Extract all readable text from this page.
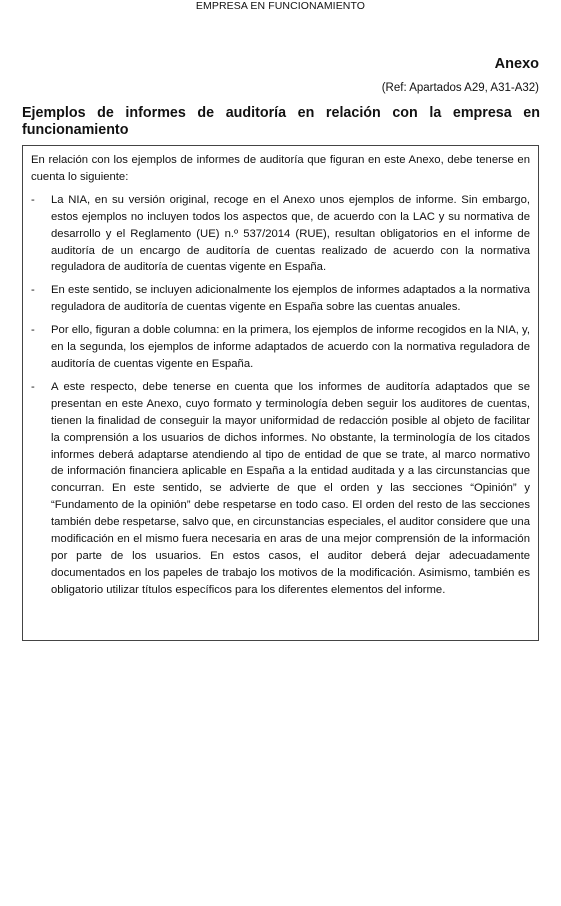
EMPRESA EN FUNCIONAMIENTO
Anexo
(Ref: Apartados A29, A31-A32)
Ejemplos de informes de auditoría en relación con la empresa en funcionamiento

En relación con los ejemplos de informes de auditoría que figuran en este Anexo, debe tenerse en cuenta lo siguiente:

-	La NIA, en su versión original, recoge en el Anexo unos ejemplos de informe. Sin embargo, estos ejemplos no incluyen todos los aspectos que, de acuerdo con la LAC y su normativa de desarrollo y el Reglamento (UE) n.º 537/2014 (RUE), resultan obligatorios en el informe de auditoría de un encargo de auditoría de cuentas realizado de acuerdo con la normativa reguladora de auditoría de cuentas vigente en España.
-	En este sentido, se incluyen adicionalmente los ejemplos de informes adaptados a la normativa reguladora de auditoría de cuentas vigente en España sobre las cuentas anuales.
-	Por ello, figuran a doble columna: en la primera, los ejemplos de informe recogidos en la NIA, y, en la segunda, los ejemplos de informe adaptados de acuerdo con la normativa reguladora de auditoría de cuentas vigente en España.
-	A este respecto, debe tenerse en cuenta que los informes de auditoría adaptados que se presentan en este Anexo, cuyo formato y terminología deben seguir los auditores de cuentas, tienen la finalidad de conseguir la mayor uniformidad de redacción posible al objeto de facilitar la comprensión a los usuarios de dichos informes. No obstante, la terminología de los citados informes deberá adaptarse atendiendo al tipo de entidad de que se trate, al marco normativo de información financiera aplicable en España a la entidad auditada y a las circunstancias que concurran. En este sentido, se advierte de que el orden y las secciones “Opinión” y “Fundamento de la opinión” debe respetarse en todo caso. El orden del resto de las secciones también debe respetarse, salvo que, en circunstancias especiales, el auditor considere que una modificación en el mismo fuera necesaria en aras de una mejor comprensión de la información por parte de los usuarios. En estos casos, el auditor deberá dejar adecuadamente documentados en los papeles de trabajo los motivos de la modificación. Asimismo, también es obligatorio utilizar títulos específicos para los diferentes elementos del informe.
